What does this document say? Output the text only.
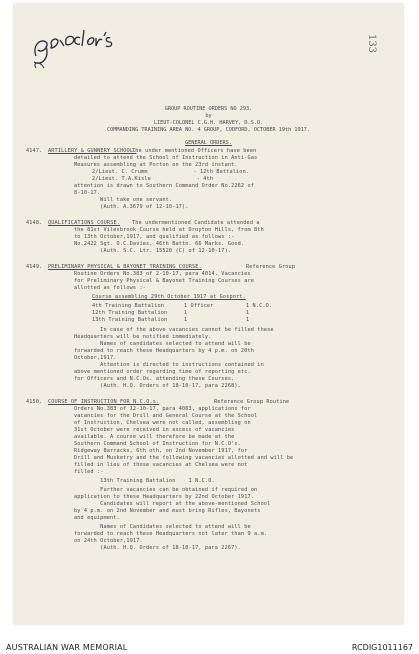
133
GROUP ROUTINE ORDERS NO 293.
by
LIEUT-COLONEL C.G.H. HARVEY, D.S.O.
COMMANDING TRAINING AREA NO. 4 GROUP, CODFORD, OCTOBER 19th 1917.
GENERAL ORDERS.
4147. ARTILLERY & GUNNERY SCHOOL.
The under mentioned Officers have been
detailed to attend the School of Instruction in Anti-Gas
Measures assembling at Porton on the 23rd instant.
2/Lieut. C. Crumm              - 12th Battalion.
2/Lieut. T.A.Kisle              - 4th
attention is drawn to Southern Command Order No.2262 of
8-10-17.
Will take one servant.
(Auth. A.3679 of 12-10-17).
4148. QUALIFICATIONS COURSE. The undermentioned Candidate attended a
the 81st Vilesbrook Course held at Droyton Hills, from 8th
to 13th October,1917, and qualified as follows :-
No.2422 Sgt. O.C.Davies, 46th Battn. 66 Marks. Good.
(Auth. S.C. Ltr. 15520 (C) of 12-10-17).
4149. PRELIMINARY PHYSICAL & BAYONET TRAINING COURSE.	Reference Group
Routine Orders No.383 of 2-10-17, para 4014. Vacancies
for Preliminary Physical & Bayonet Training Courses are
allotted as follows :-
Course assembling 29th October 1917 at Gosport.
4th Training Battalion	1 Officer	1 N.C.O.
12th Training Battalion	1	1
13th Training Battalion	1	1
In case of the above vacancies cannot be filled these
Headquarters will be notified immediately.
Names of candidates selected to attend will be
forwarded to reach these Headquarters by 4 p.m. on 20th
October,1917.
Attention is directed to instructions contained in
above mentioned order regarding time of reporting etc.
for Officers and N.C.Os. attending these Courses.
(Auth. H.Q. Orders of 18-10-17, para 2268).
4150. COURSE OF INSTRUCTION FOR N.C.O.s.	Reference Group Routine
Orders No.383 of 12-10-17, para 4063, applications for
vacancies for the Drill and General Course at the School
of Instruction, Chelsea were not called, assembling on
31st October were received in excess of vacancies
available. A course will therefore be made at the
Southern Command School of Instruction for N.C.O's.
Ridgeway Barracks, 6th oth, on 2nd November 1917, for
Drill and Musketry and the following vacancies allotted and will be
filled in lieu of those vacancies at Chelsea were not
filled :-
13th Training Battalion    1 N.C.O.
Further vacancies can be obtained if required on
application to these Headquarters by 22nd October 1917.
Candidates will report at the above-mentioned School
by 4 p.m. on 2nd November and must bring Rifles, Bayonets
and equipment.
Names of Candidates selected to attend will be
forwarded to reach these Headquarters not later than 9 a.m.
on 24th October,1917.
(Auth. H.Q. Orders of 18-10-17, para 2267).
AUSTRALIAN WAR MEMORIAL	RCDIG1011167
